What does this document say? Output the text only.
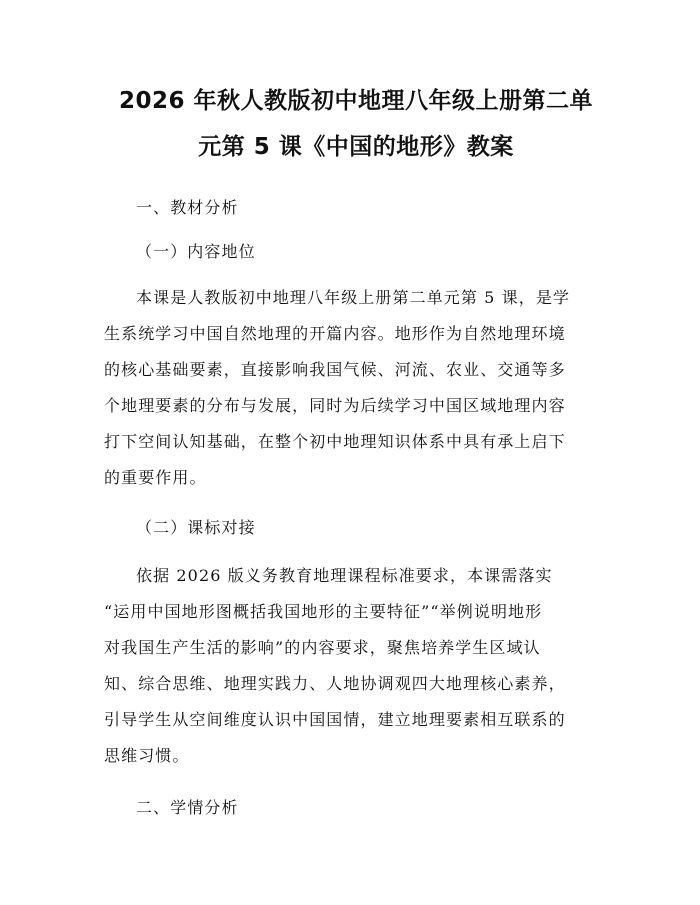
2026 年秋人教版初中地理八年级上册第二单
元第 5 课《中国的地形》教案
一、教材分析
（一）内容地位
本课是人教版初中地理八年级上册第二单元第 5 课，是学
生系统学习中国自然地理的开篇内容。地形作为自然地理环境
的核心基础要素，直接影响我国气候、河流、农业、交通等多
个地理要素的分布与发展，同时为后续学习中国区域地理内容
打下空间认知基础，在整个初中地理知识体系中具有承上启下
的重要作用。
（二）课标对接
依据 2026 版义务教育地理课程标准要求，本课需落实
“运用中国地形图概括我国地形的主要特征”“举例说明地形
对我国生产生活的影响”的内容要求，聚焦培养学生区域认
知、综合思维、地理实践力、人地协调观四大地理核心素养，
引导学生从空间维度认识中国国情，建立地理要素相互联系的
思维习惯。
二、学情分析
